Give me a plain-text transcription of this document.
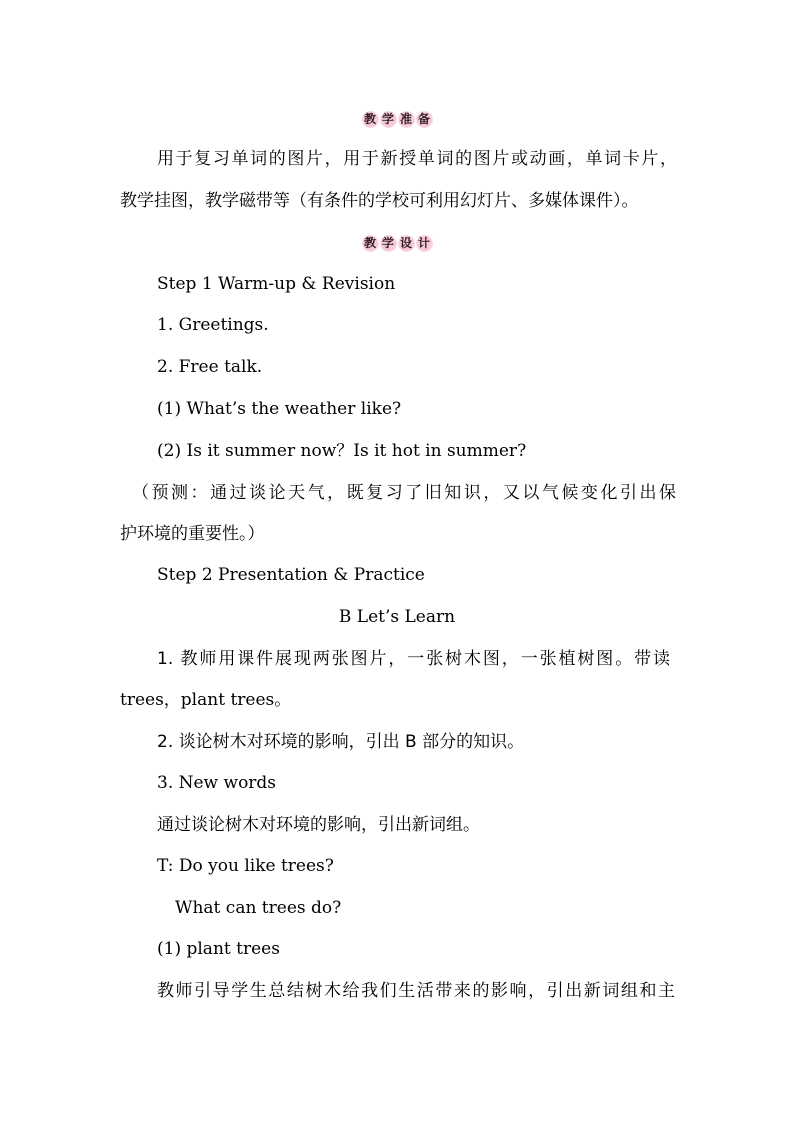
教 学 准 备
用于复习单词的图片，用于新授单词的图片或动画，单词卡片，
教学挂图，教学磁带等（有条件的学校可利用幻灯片、多媒体课件）。
教 学 设 计
Step 1 Warm-up & Revision
1. Greetings.
2. Free talk.
(1) What’s the weather like?
(2) Is it summer now？Is it hot in summer?
（预测：通过谈论天气，既复习了旧知识，又以气候变化引出保
护环境的重要性。）
Step 2 Presentation & Practice
B Let’s Learn
1. 教师用课件展现两张图片，一张树木图，一张植树图。带读
trees，plant trees。
2. 谈论树木对环境的影响，引出 B 部分的知识。
3. New words
通过谈论树木对环境的影响，引出新词组。
T: Do you like trees?
What can trees do?
(1) plant trees
教师引导学生总结树木给我们生活带来的影响，引出新词组和主
